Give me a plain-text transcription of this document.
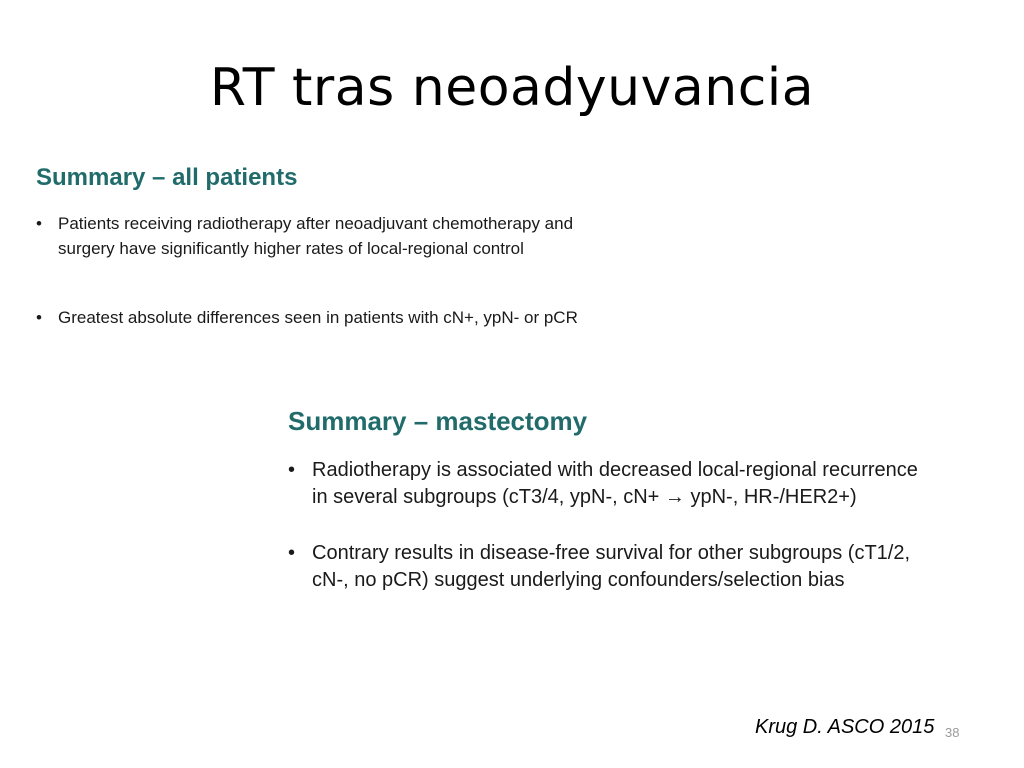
RT tras neoadyuvancia
Summary – all patients
• Patients receiving radiotherapy after neoadjuvant chemotherapy and surgery have significantly higher rates of local-regional control
• Greatest absolute differences seen in patients with cN+, ypN- or pCR
Summary – mastectomy
• Radiotherapy is associated with decreased local-regional recurrence in several subgroups (cT3/4, ypN-, cN+ → ypN-, HR-/HER2+)
• Contrary results in disease-free survival for other subgroups (cT1/2, cN-, no pCR) suggest underlying confounders/selection bias
38
Krug D. ASCO 2015
